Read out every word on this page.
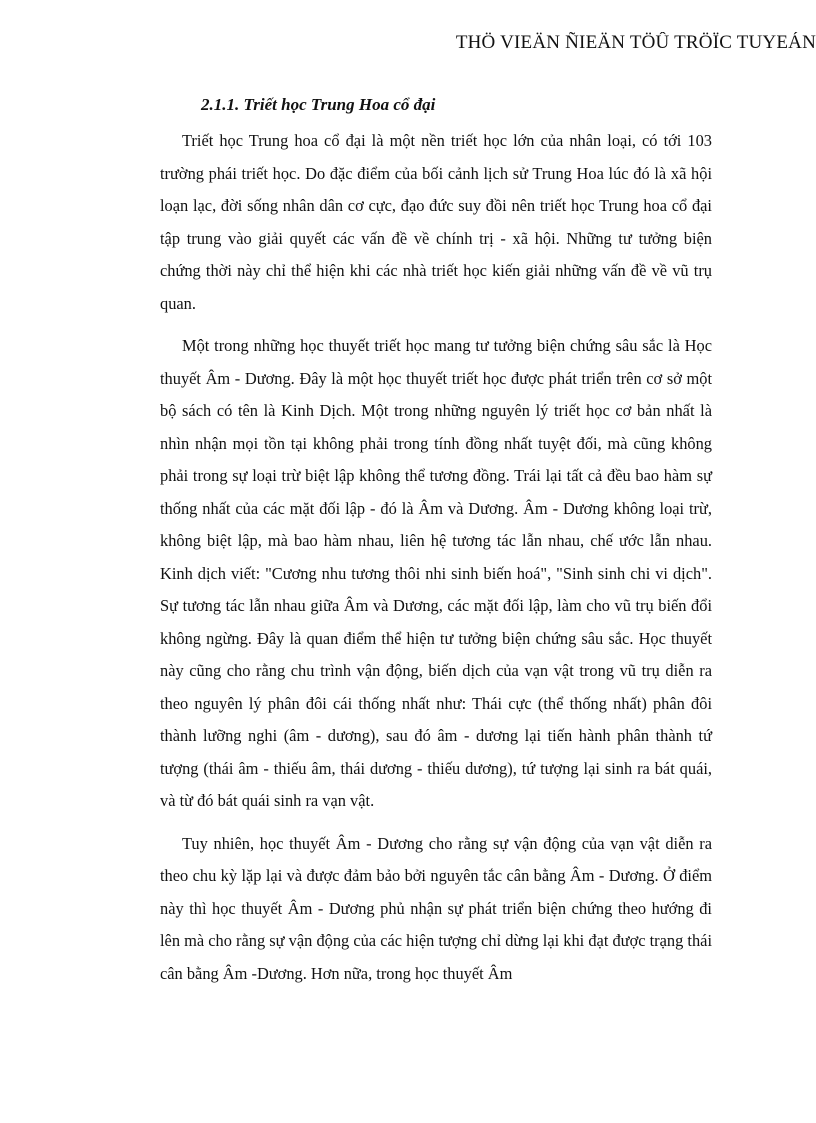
THÖ VIEÄN ÑIEÄN TÖÛ TRÖÏC TUYEÁN
2.1.1. Triết học Trung Hoa cổ đại

Triết học Trung hoa cổ đại là một nền triết học lớn của nhân loại, có tới 103 trường phái triết học. Do đặc điểm của bối cảnh lịch sử Trung Hoa lúc đó là xã hội loạn lạc, đời sống nhân dân cơ cực, đạo đức suy đồi nên triết học Trung hoa cổ đại tập trung vào giải quyết các vấn đề về chính trị - xã hội. Những tư tưởng biện chứng thời này chỉ thể hiện khi các nhà triết học kiến giải những vấn đề về vũ trụ quan.

Một trong những học thuyết triết học mang tư tưởng biện chứng sâu sắc là Học thuyết Âm - Dương. Đây là một học thuyết triết học được phát triển trên cơ sở một bộ sách có tên là Kinh Dịch. Một trong những nguyên lý triết học cơ bản nhất là nhìn nhận mọi tồn tại không phải trong tính đồng nhất tuyệt đối, mà cũng không phải trong sự loại trừ biệt lập không thể tương đồng. Trái lại tất cả đều bao hàm sự thống nhất của các mặt đối lập - đó là Âm và Dương. Âm - Dương không loại trừ, không biệt lập, mà bao hàm nhau, liên hệ tương tác lẫn nhau, chế ước lẫn nhau. Kinh dịch viết: "Cương nhu tương thôi nhi sinh biến hoá", "Sinh sinh chi vi dịch". Sự tương tác lẫn nhau giữa Âm và Dương, các mặt đối lập, làm cho vũ trụ biến đổi không ngừng. Đây là quan điểm thể hiện tư tưởng biện chứng sâu sắc. Học thuyết này cũng cho rằng chu trình vận động, biến dịch của vạn vật trong vũ trụ diễn ra theo nguyên lý phân đôi cái thống nhất như: Thái cực (thể thống nhất) phân đôi thành lưỡng nghi (âm - dương), sau đó âm - dương lại tiến hành phân thành tứ tượng (thái âm - thiếu âm, thái dương - thiếu dương), tứ tượng lại sinh ra bát quái, và từ đó bát quái sinh ra vạn vật.

Tuy nhiên, học thuyết Âm - Dương cho rằng sự vận động của vạn vật diễn ra theo chu kỳ lặp lại và được đảm bảo bởi nguyên tắc cân bằng Âm - Dương. Ở điểm này thì học thuyết Âm - Dương phủ nhận sự phát triển biện chứng theo hướng đi lên mà cho rằng sự vận động của các hiện tượng chỉ dừng lại khi đạt được trạng thái cân bằng Âm -Dương. Hơn nữa, trong học thuyết Âm
